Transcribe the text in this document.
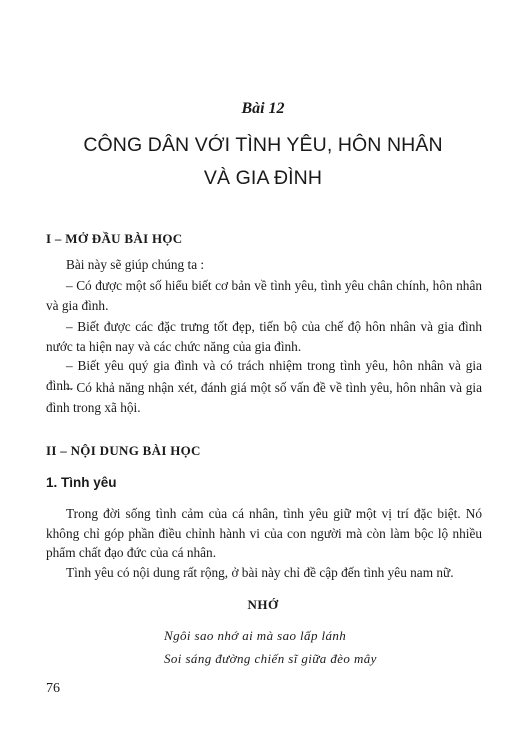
Bài 12
CÔNG DÂN VỚI TÌNH YÊU, HÔN NHÂN
VÀ GIA ĐÌNH
I – MỞ ĐẦU BÀI HỌC

Bài này sẽ giúp chúng ta :

– Có được một số hiểu biết cơ bản về tình yêu, tình yêu chân chính, hôn nhân và gia đình.

– Biết được các đặc trưng tốt đẹp, tiến bộ của chế độ hôn nhân và gia đình nước ta hiện nay và các chức năng của gia đình.

– Biết yêu quý gia đình và có trách nhiệm trong tình yêu, hôn nhân và gia đình.

– Có khả năng nhận xét, đánh giá một số vấn đề về tình yêu, hôn nhân và gia đình trong xã hội.

II – NỘI DUNG BÀI HỌC
1. Tình yêu

Trong đời sống tình cảm của cá nhân, tình yêu giữ một vị trí đặc biệt. Nó không chỉ góp phần điều chỉnh hành vi của con người mà còn làm bộc lộ nhiều phẩm chất đạo đức của cá nhân.

Tình yêu có nội dung rất rộng, ở bài này chỉ đề cập đến tình yêu nam nữ.

NHỚ
Ngôi sao nhớ ai mà sao lấp lánh
Soi sáng đường chiến sĩ giữa đèo mây
76
